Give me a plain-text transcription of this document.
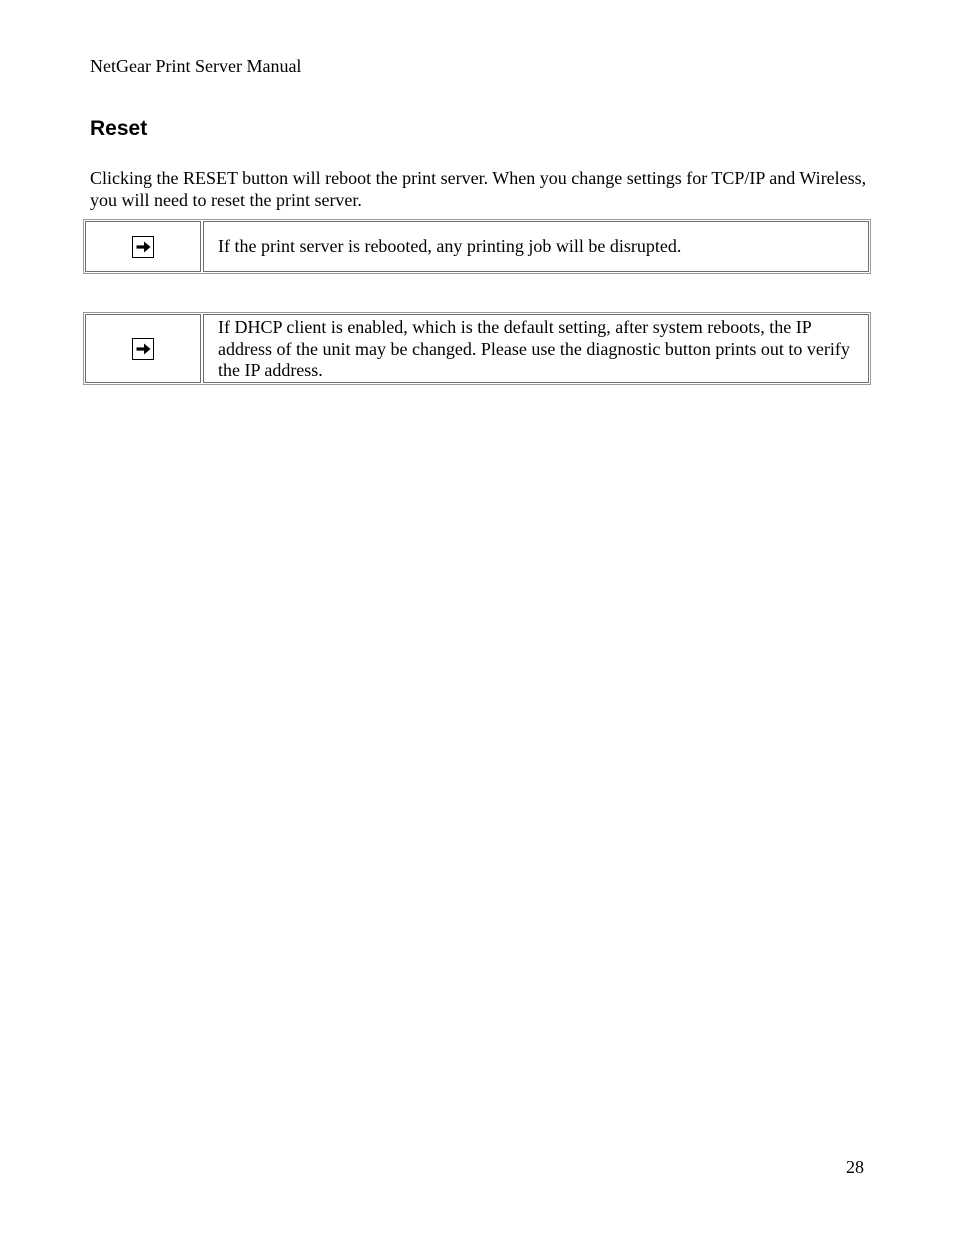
NetGear Print Server Manual
Reset

Clicking the RESET button will reboot the print server. When you change settings for TCP/IP and Wireless, you will need to reset the print server.

If the print server is rebooted, any printing job will be disrupted.
If DHCP client is enabled, which is the default setting, after system reboots, the IP address of the unit may be changed. Please use the diagnostic button prints out to verify the IP address.
28
